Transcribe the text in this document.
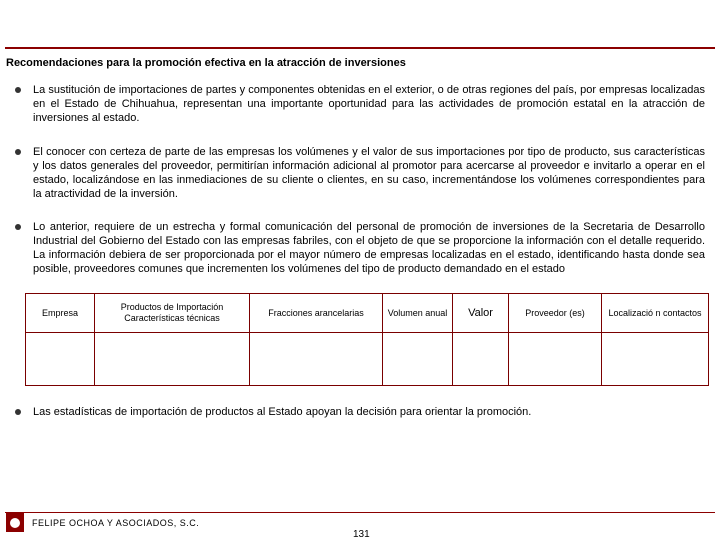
Recomendaciones para la promoción efectiva en la atracción de inversiones
La sustitución de importaciones de partes y componentes obtenidas en el exterior, o de otras regiones del país, por empresas localizadas en el Estado de Chihuahua, representan una importante oportunidad para las actividades de promoción estatal en la atracción de inversiones al estado.
El conocer con certeza de parte de las empresas los volúmenes y el valor de sus importaciones por tipo de producto, sus características y los datos generales del proveedor, permitirían información adicional al promotor para acercarse al proveedor e invitarlo a operar en el estado, localizándose en las inmediaciones de su cliente o clientes, en su caso, incrementándose los volúmenes correspondientes para la atractividad de la inversión.
Lo anterior, requiere de un estrecha y formal comunicación del personal de promoción de inversiones de la Secretaria de Desarrollo Industrial del Gobierno del Estado con las empresas fabriles, con el objeto de que se proporcione la información con el detalle requerido. La información debiera de ser proporcionada por el mayor número de empresas localizadas en el estado, identificando hasta donde sea posible, proveedores comunes que incrementen los volúmenes del tipo de producto demandado en el estado
Empresa	Productos de Importación Características técnicas	Fracciones arancelarias	Volumen anual	Valor	Proveedor (es)	Localizació n contactos

Las estadísticas de importación de productos al Estado apoyan la decisión para orientar la promoción.
FELIPE OCHOA Y ASOCIADOS, S.C.
131
